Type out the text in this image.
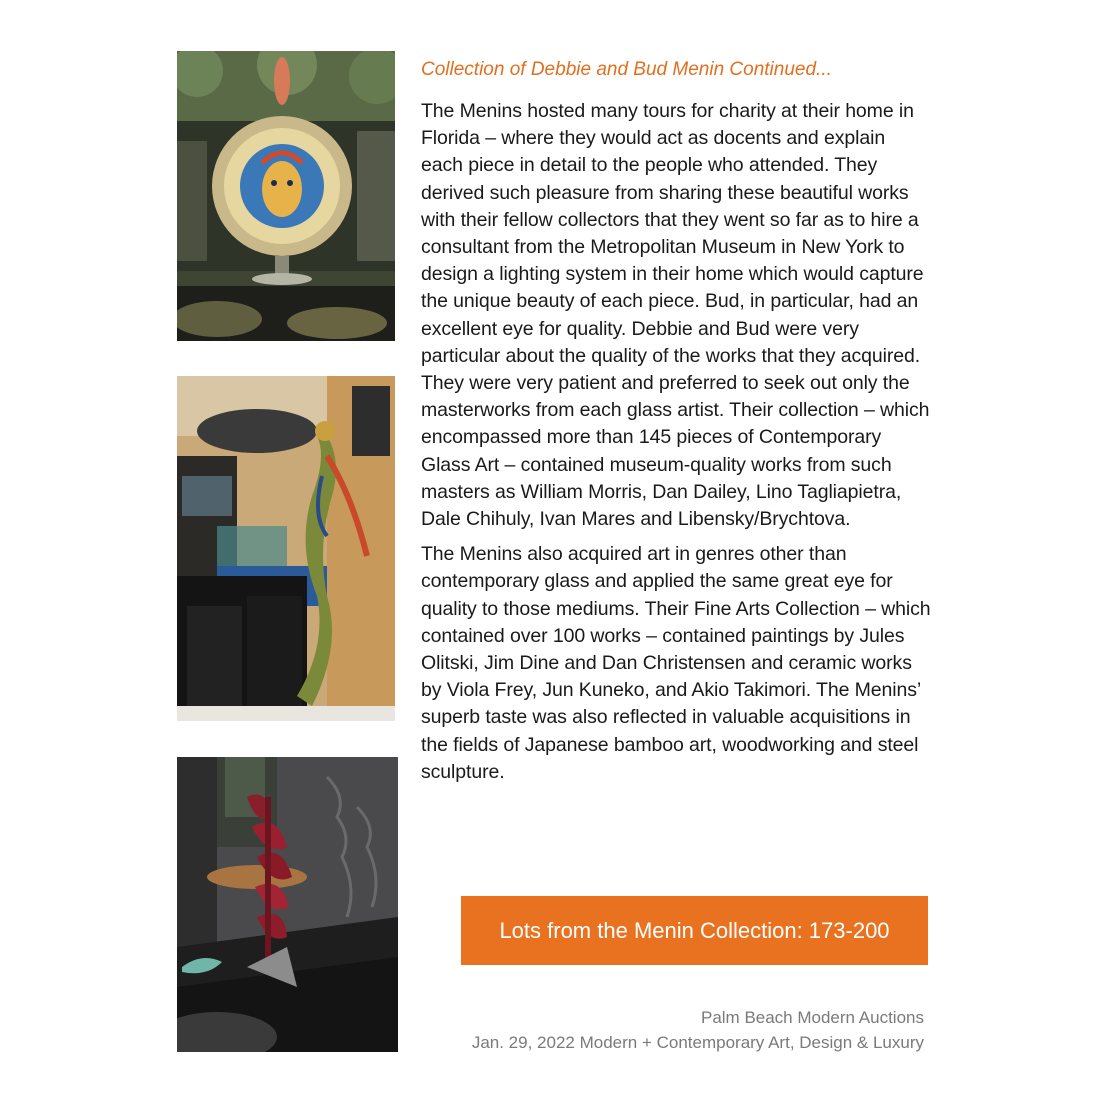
Collection of Debbie and Bud Menin Continued...

The Menins hosted many tours for charity at their home in Florida – where they would act as docents and explain each piece in detail to the people who attended. They derived such pleasure from sharing these beautiful works with their fellow collectors that they went so far as to hire a consultant from the Metropolitan Museum in New York to design a lighting system in their home which would capture the unique beauty of each piece. Bud, in particular, had an excellent eye for quality. Debbie and Bud were very particular about the quality of the works that they acquired. They were very patient and preferred to seek out only the masterworks from each glass artist. Their collection – which encompassed more than 145 pieces of Contemporary Glass Art – contained museum-quality works from such masters as William Morris, Dan Dailey, Lino Tagliapietra, Dale Chihuly, Ivan Mares and Libensky/Brychtova.

The Menins also acquired art in genres other than contemporary glass and applied the same great eye for quality to those mediums. Their Fine Arts Collection – which contained over 100 works – contained paintings by Jules Olitski, Jim Dine and Dan Christensen and ceramic works by Viola Frey, Jun Kuneko, and Akio Takimori. The Menins’ superb taste was also reflected in valuable acquisitions in the fields of Japanese bamboo art, woodworking and steel sculpture.

Lots from the Menin Collection: 173-200
Palm Beach Modern Auctions
Jan. 29, 2022 Modern + Contemporary Art, Design & Luxury
